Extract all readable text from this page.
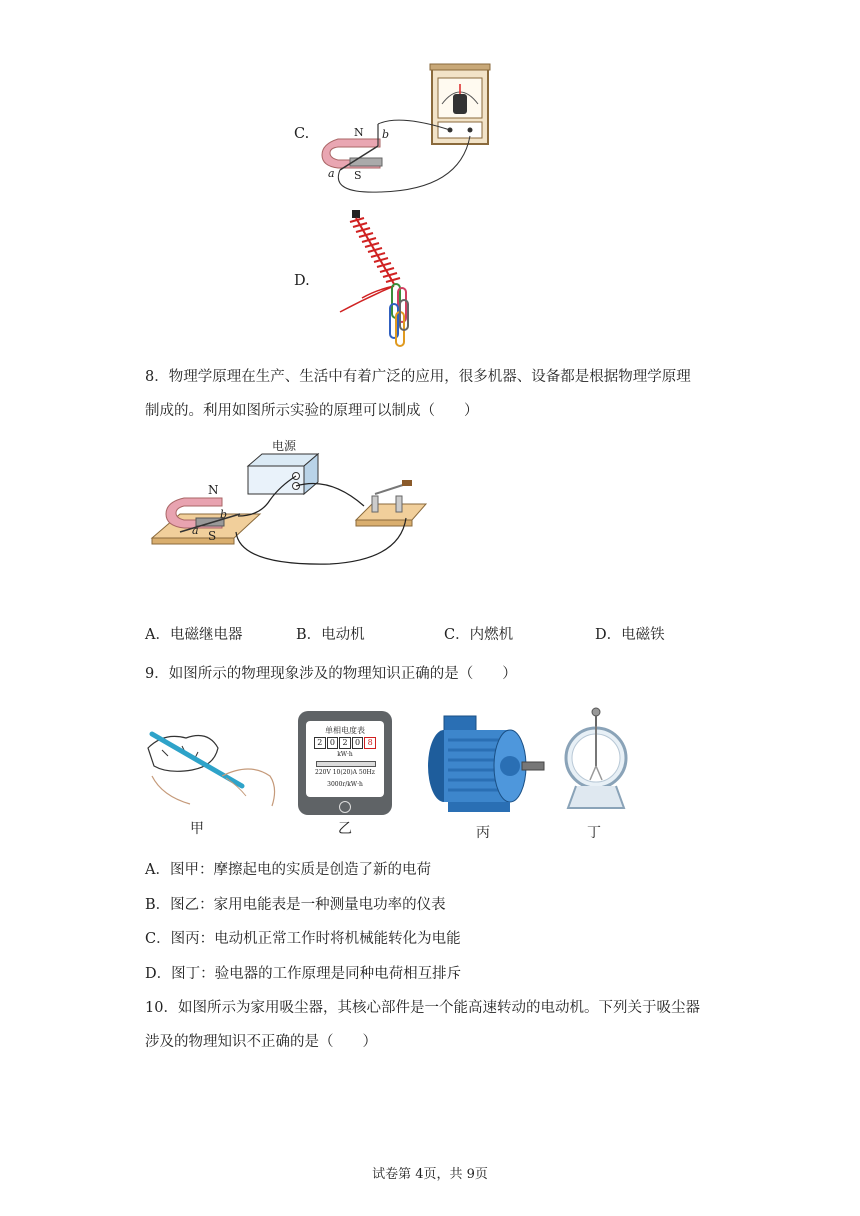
C.	N
S
b
a
D.
8．物理学原理在生产、生活中有着广泛的应用，很多机器、设备都是根据物理学原理
制成的。利用如图所示实验的原理可以制成（　　）
电源
N
S
b
a
A．电磁继电器	B．电动机	C．内燃机	D．电磁铁
9．如图所示的物理现象涉及的物理知识正确的是（　　）
甲
单相电度表
2 0 2 0 8
kW·h
220V 10(20)A 50Hz
3000r/kW·h
乙	丙	丁
A．图甲：摩擦起电的实质是创造了新的电荷
B．图乙：家用电能表是一种测量电功率的仪表
C．图丙：电动机正常工作时将机械能转化为电能
D．图丁：验电器的工作原理是同种电荷相互排斥
10．如图所示为家用吸尘器，其核心部件是一个能高速转动的电动机。下列关于吸尘器
涉及的物理知识不正确的是（　　）
试卷第 4页，共 9页
